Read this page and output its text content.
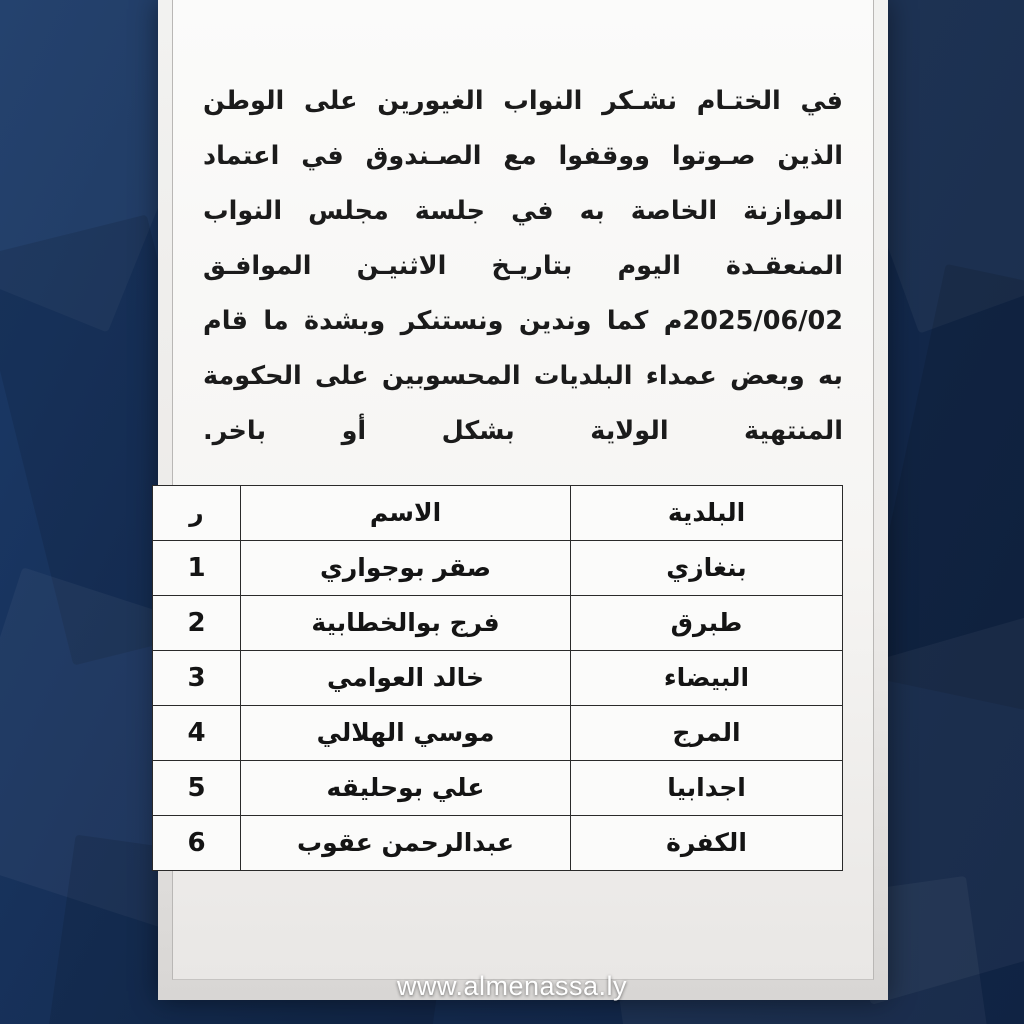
في الختـام نشـكر النواب الغيورين على الوطن الذين صـوتوا ووقفوا مع الصـندوق في اعتماد الموازنة الخاصة به في جلسة مجلس النواب المنعقـدة اليوم بتاريـخ الاثنيـن الموافـق 2025/06/02م كما وندين ونستنكر وبشدة ما قام به وبعض عمداء البلديات المحسوبين على الحكومة المنتهية الولاية بشكل أو باخر.

البلدية	الاسم	ر
بنغازي	صقر بوجواري	1
طبرق	فرج بوالخطابية	2
البيضاء	خالد العوامي	3
المرج	موسي الهلالي	4
اجدابيا	علي بوحليقه	5
الكفرة	عبدالرحمن عقوب	6
www.almenassa.ly
